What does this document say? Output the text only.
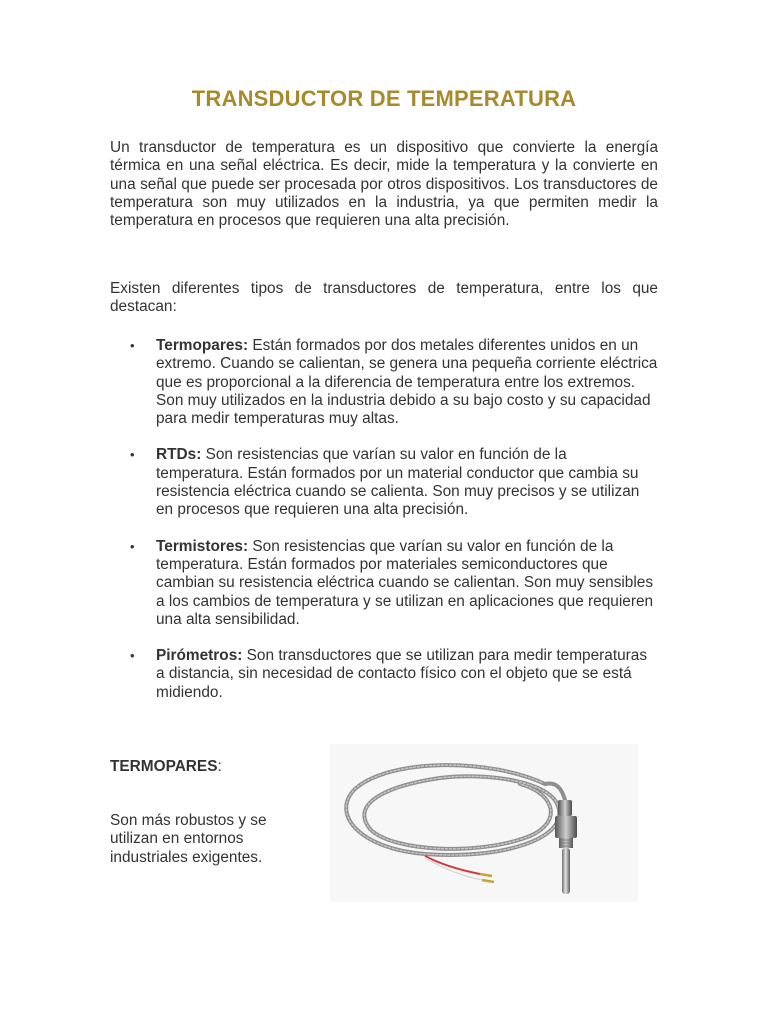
TRANSDUCTOR DE TEMPERATURA

Un transductor de temperatura es un dispositivo que convierte la energía térmica en una señal eléctrica. Es decir, mide la temperatura y la convierte en una señal que puede ser procesada por otros dispositivos. Los transductores de temperatura son muy utilizados en la industria, ya que permiten medir la temperatura en procesos que requieren una alta precisión.

Existen diferentes tipos de transductores de temperatura, entre los que destacan:

• Termopares: Están formados por dos metales diferentes unidos en un extremo. Cuando se calientan, se genera una pequeña corriente eléctrica que es proporcional a la diferencia de temperatura entre los extremos. Son muy utilizados en la industria debido a su bajo costo y su capacidad para medir temperaturas muy altas.
• RTDs: Son resistencias que varían su valor en función de la temperatura. Están formados por un material conductor que cambia su resistencia eléctrica cuando se calienta. Son muy precisos y se utilizan en procesos que requieren una alta precisión.
• Termistores: Son resistencias que varían su valor en función de la temperatura. Están formados por materiales semiconductores que cambian su resistencia eléctrica cuando se calientan. Son muy sensibles a los cambios de temperatura y se utilizan en aplicaciones que requieren una alta sensibilidad.
• Pirómetros: Son transductores que se utilizan para medir temperaturas a distancia, sin necesidad de contacto físico con el objeto que se está midiendo.

TERMOPARES:

Son más robustos y se utilizan en entornos industriales exigentes.
